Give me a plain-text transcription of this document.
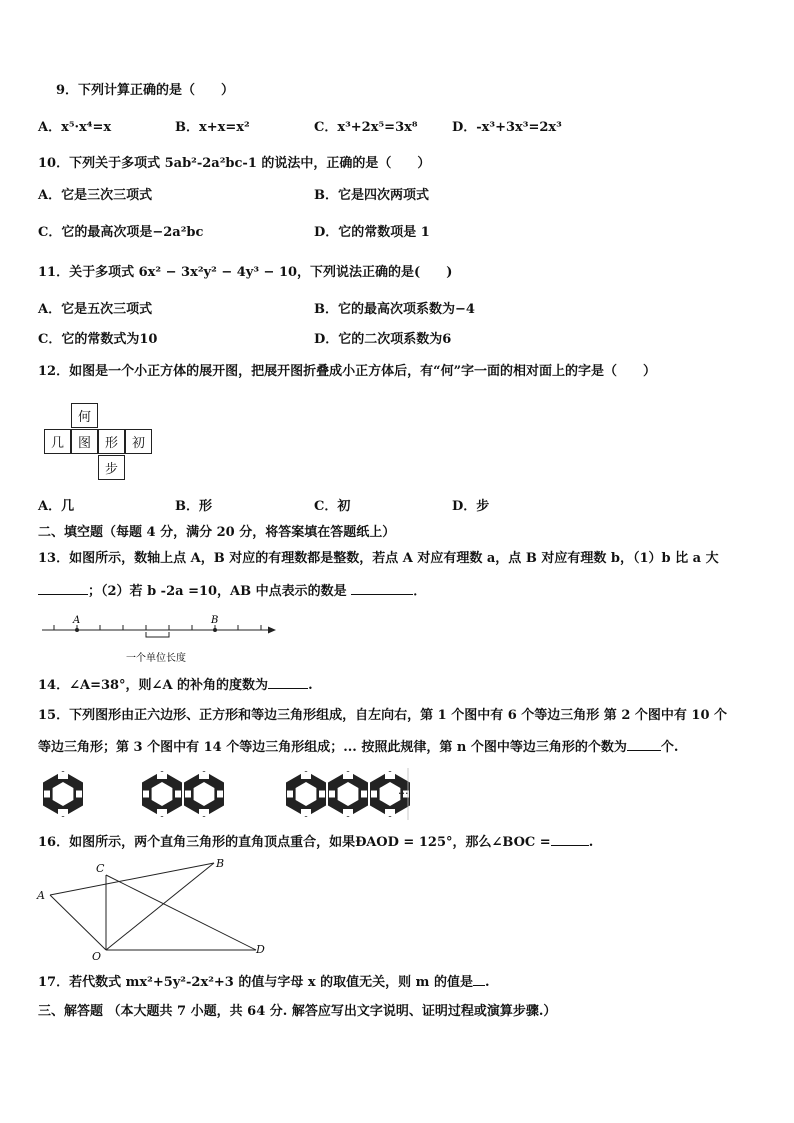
9．下列计算正确的是（　　）
A．x⁵·x⁴=x	B．x+x=x²	C．x³+2x⁵=3x⁸	D．-x³+3x³=2x³
10．下列关于多项式 5ab²-2a²bc-1 的说法中，正确的是（　　）
A．它是三次三项式	B．它是四次两项式
C．它的最高次项是−2a²bc	D．它的常数项是 1
11．关于多项式 6x² − 3x²y² − 4y³ − 10，下列说法正确的是(　　)
A．它是五次三项式	B．它的最高次项系数为−4
C．它的常数式为10	D．它的二次项系数为6
12．如图是一个小正方体的展开图，把展开图折叠成小正方体后，有“何”字一面的相对面上的字是（　　）
何
几	图	形	初
步
A．几	B．形	C．初	D．步
二、填空题（每题 4 分，满分 20 分，将答案填在答题纸上）
13．如图所示，数轴上点 A，B 对应的有理数都是整数，若点 A 对应有理数 a，点 B 对应有理数 b，（1）b 比 a 大
；（2）若 b -2a =10，AB 中点表示的数是	．
A	B
一个单位长度
14．∠A=38°，则∠A 的补角的度数为	.
15．下列图形由正六边形、正方形和等边三角形组成，自左向右，第 1 个图中有 6 个等边三角形 第 2 个图中有 10 个
等边三角形；第 3 个图中有 14 个等边三角形组成；... 按照此规律，第 n 个图中等边三角形的个数为	个.
...
16．如图所示，两个直角三角形的直角顶点重合，如果ÐAOD = 125°，那么∠BOC =	.
A
B
C
O
D
17．若代数式 mx²+5y²-2x²+3 的值与字母 x 的取值无关，则 m 的值是 .
三、解答题 （本大题共 7 小题，共 64 分. 解答应写出文字说明、证明过程或演算步骤.）
